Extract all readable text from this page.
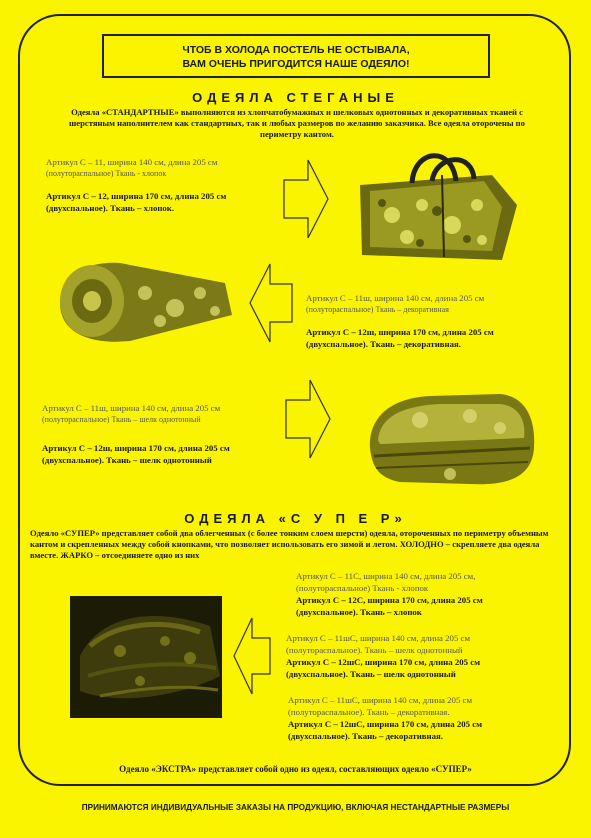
ЧТОБ В ХОЛОДА ПОСТЕЛЬ НЕ ОСТЫВАЛА,
ВАМ ОЧЕНЬ ПРИГОДИТСЯ НАШЕ ОДЕЯЛО!
ОДЕЯЛА СТЕГАНЫЕ
Одеяла «СТАНДАРТНЫЕ» выполняются из хлопчатобумажных и шелковых однотонных и декоративных тканей с шерстяным наполнителем как стандартных, так и любых размеров по желанию заказчика. Все одеяла оторочены по периметру кантом.
Артикул С – 11, ширина 140 см, длина 205 см
(полутораспальное) Ткань - хлопок
Артикул С – 12, ширина 170 см, длина 205 см
(двухспальное). Ткань – хлопок.
Артикул С – 11ш, ширина 140 см, длина 205 см
(полутораспальное) Ткань – декоративная
Артикул С – 12ш, ширина 170 см, длина 205 см
(двухспальное). Ткань – декоративная.
Артикул С – 11ш, ширина 140 см, длина 205 см
(полутораспальное) Ткань – шелк однотонный
Артикул С – 12ш, ширина 170 см, длина 205 см
(двухспальное). Ткань – шелк однотонный
ОДЕЯЛА «С У П Е Р»
Одеяло «СУПЕР» представляет собой два облегченных (с более тонким слоем шерсти) одеяла, отороченных по периметру объемным кантом и скрепленных между собой кнопками, что позволяет использовать его зимой и летом. ХОЛОДНО – скрепляете два одеяла вместе. ЖАРКО – отсоединяете одно из них
Артикул С – 11С, ширина 140 см, длина 205 см,
(полутораспальное) Ткань - хлопок
Артикул С – 12С, ширина 170 см, длина 205 см
(двухспальное). Ткань – хлопок
Артикул С – 11шС, ширина 140 см, длина 205 см
(полутораспальное). Ткань – шелк однотонный
Артикул С – 12шС, ширина 170 см, длина 205 см
(двухспальное). Ткань – шелк однотонный
Артикул С – 11шС, ширина 140 см, длина 205 см
(полутораспальное). Ткань – декоративная.
Артикул С – 12шС, ширина 170 см, длина 205 см
(двухспальное). Ткань – декоративная.
Одеяло «ЭКСТРА» представляет собой одно из одеял, составляющих одеяло «СУПЕР»
ПРИНИМАЮТСЯ ИНДИВИДУАЛЬНЫЕ ЗАКАЗЫ НА ПРОДУКЦИЮ, ВКЛЮЧАЯ НЕСТАНДАРТНЫЕ РАЗМЕРЫ
